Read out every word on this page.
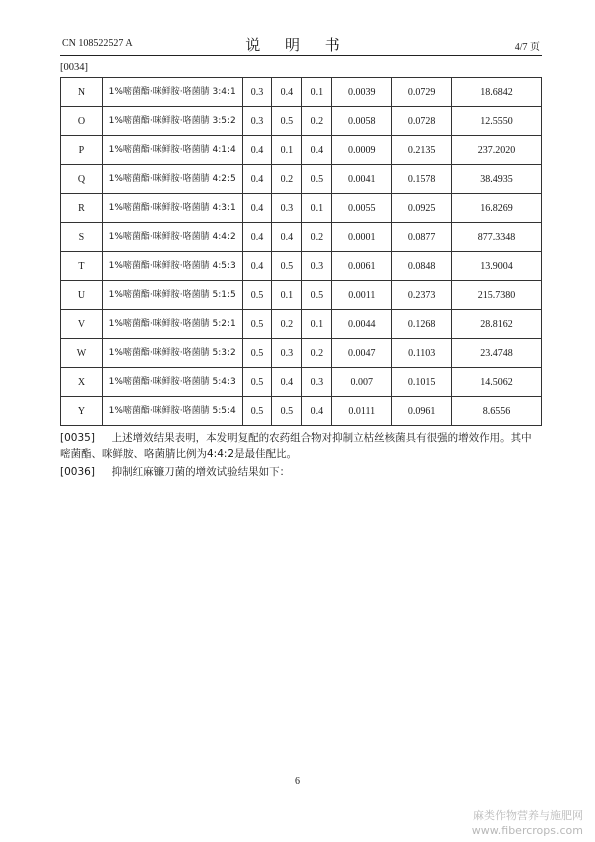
CN 108522527 A	说 明 书	4/7 页
[0034]
N	1%嘧菌酯·咪鲜胺·咯菌腈 3:4:1	0.3	0.4	0.1	0.0039	0.0729	18.6842
O	1%嘧菌酯·咪鲜胺·咯菌腈 3:5:2	0.3	0.5	0.2	0.0058	0.0728	12.5550
P	1%嘧菌酯·咪鲜胺·咯菌腈 4:1:4	0.4	0.1	0.4	0.0009	0.2135	237.2020
Q	1%嘧菌酯·咪鲜胺·咯菌腈 4:2:5	0.4	0.2	0.5	0.0041	0.1578	38.4935
R	1%嘧菌酯·咪鲜胺·咯菌腈 4:3:1	0.4	0.3	0.1	0.0055	0.0925	16.8269
S	1%嘧菌酯·咪鲜胺·咯菌腈 4:4:2	0.4	0.4	0.2	0.0001	0.0877	877.3348
T	1%嘧菌酯·咪鲜胺·咯菌腈 4:5:3	0.4	0.5	0.3	0.0061	0.0848	13.9004
U	1%嘧菌酯·咪鲜胺·咯菌腈 5:1:5	0.5	0.1	0.5	0.0011	0.2373	215.7380
V	1%嘧菌酯·咪鲜胺·咯菌腈 5:2:1	0.5	0.2	0.1	0.0044	0.1268	28.8162
W	1%嘧菌酯·咪鲜胺·咯菌腈 5:3:2	0.5	0.3	0.2	0.0047	0.1103	23.4748
X	1%嘧菌酯·咪鲜胺·咯菌腈 5:4:3	0.5	0.4	0.3	0.007	0.1015	14.5062
Y	1%嘧菌酯·咪鲜胺·咯菌腈 5:5:4	0.5	0.5	0.4	0.0111	0.0961	8.6556
[0035] 上述增效结果表明，本发明复配的农药组合物对抑制立枯丝核菌具有很强的增效作用。其中嘧菌酯、咪鲜胺、咯菌腈比例为4:4:2是最佳配比。
[0036] 抑制红麻镰刀菌的增效试验结果如下：
6
麻类作物营养与施肥网
www.fibercrops.com
